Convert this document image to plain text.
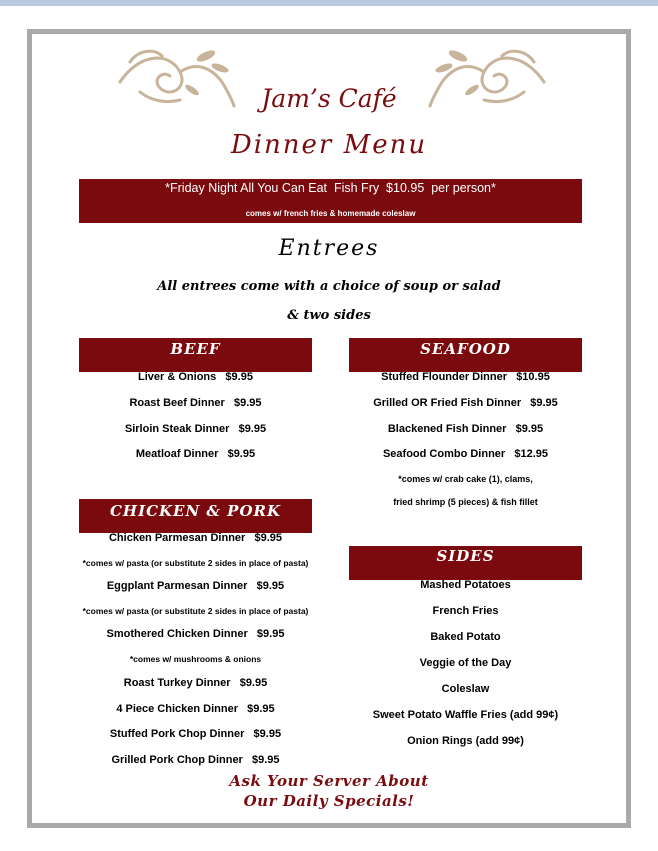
Jam’s Café
Dinner Menu
*Friday Night All You Can Eat  Fish Fry  $10.95  per person*
comes w/ french fries & homemade coleslaw
Entrees
All entrees come with a choice of soup or salad
& two sides
BEEF
Liver & Onions   $9.95
Roast Beef Dinner   $9.95
Sirloin Steak Dinner   $9.95
Meatloaf Dinner   $9.95
CHICKEN & PORK
Chicken Parmesan Dinner   $9.95
*comes w/ pasta (or substitute 2 sides in place of pasta)
Eggplant Parmesan Dinner   $9.95
*comes w/ pasta (or substitute 2 sides in place of pasta)
Smothered Chicken Dinner   $9.95
*comes w/ mushrooms & onions
Roast Turkey Dinner   $9.95
4 Piece Chicken Dinner   $9.95
Stuffed Pork Chop Dinner   $9.95
Grilled Pork Chop Dinner   $9.95
SEAFOOD
Stuffed Flounder Dinner   $10.95
Grilled OR Fried Fish Dinner   $9.95
Blackened Fish Dinner   $9.95
Seafood Combo Dinner   $12.95
*comes w/ crab cake (1), clams,
fried shrimp (5 pieces) & fish fillet
SIDES
Mashed Potatoes
French Fries
Baked Potato
Veggie of the Day
Coleslaw
Sweet Potato Waffle Fries (add 99¢)
Onion Rings (add 99¢)
Ask Your Server About
Our Daily Specials!
